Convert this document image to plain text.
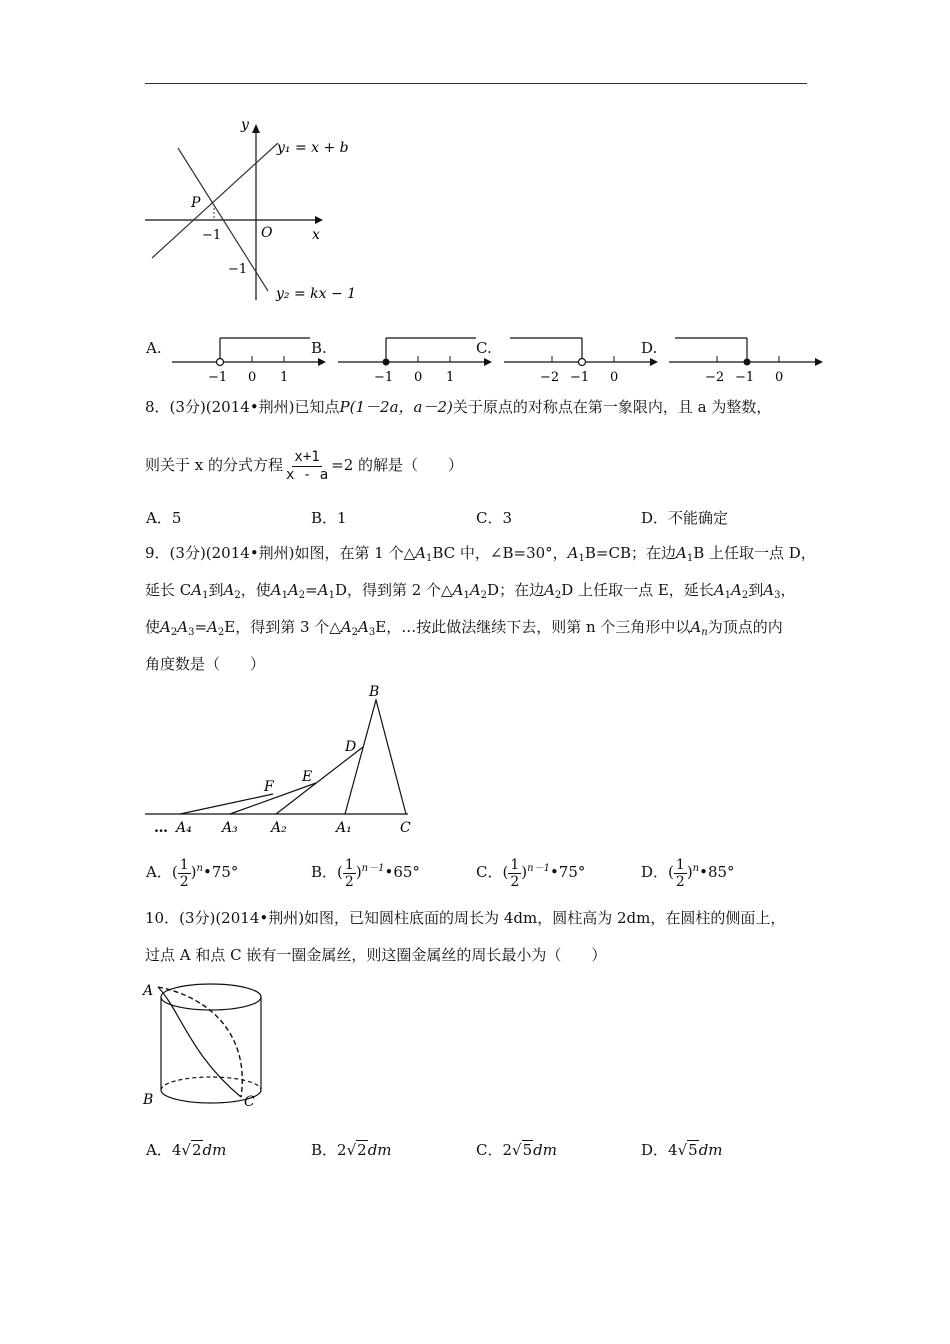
y
x
O
P
−1
−1
y₁ = x + b
y₂ = kx − 1
A.
−1 0 1
B.
−1 0 1
C.
−2 −1 0
D.
−2 −1 0
8．(3分)(2014•荆州)已知点P(1－2a，a－2)关于原点的对称点在第一象限内，且 a 为整数，
则关于 x 的分式方程 $\frac{x+1}{x - a} =2$ 的解是（　　）
A．5	B．1	C．3	D．不能确定
9．(3分)(2014•荆州)如图，在第 1 个$\triangle A_1BC$ 中，∠B=30°，$A_1B=CB$；在边$A_1B$ 上任取一点 D，
延长 $CA_1$到$A_2$，使$A_1A_2=A_1D$，得到第 2 个$\triangle A_1A_2D$；在边$A_2D$ 上任取一点 E，延长$A_1A_2$到$A_3$，
使$A_2A_3=A_2E$，得到第 3 个$\triangle A_2A_3E$，…按此做法继续下去，则第 n 个三角形中以$A_n$为顶点的内
角度数是（　　）
B
D
E
F
… A₄ A₃ A₂	A₁	C
A．( $\frac{1}{2}$ )$^n$•75°	B．( $\frac{1}{2}$ )$^{n-1}$•65°	C．( $\frac{1}{2}$ )$^{n-1}$•75°	D．( $\frac{1}{2}$ )$^n$•85°
10．(3分)(2014•荆州)如图，已知圆柱底面的周长为 4dm，圆柱高为 2dm，在圆柱的侧面上，
过点 A 和点 C 嵌有一圈金属丝，则这圈金属丝的周长最小为（　　）
A
B	C
A．4√2dm	B．2√2dm	C．2√5dm	D．4√5dm
